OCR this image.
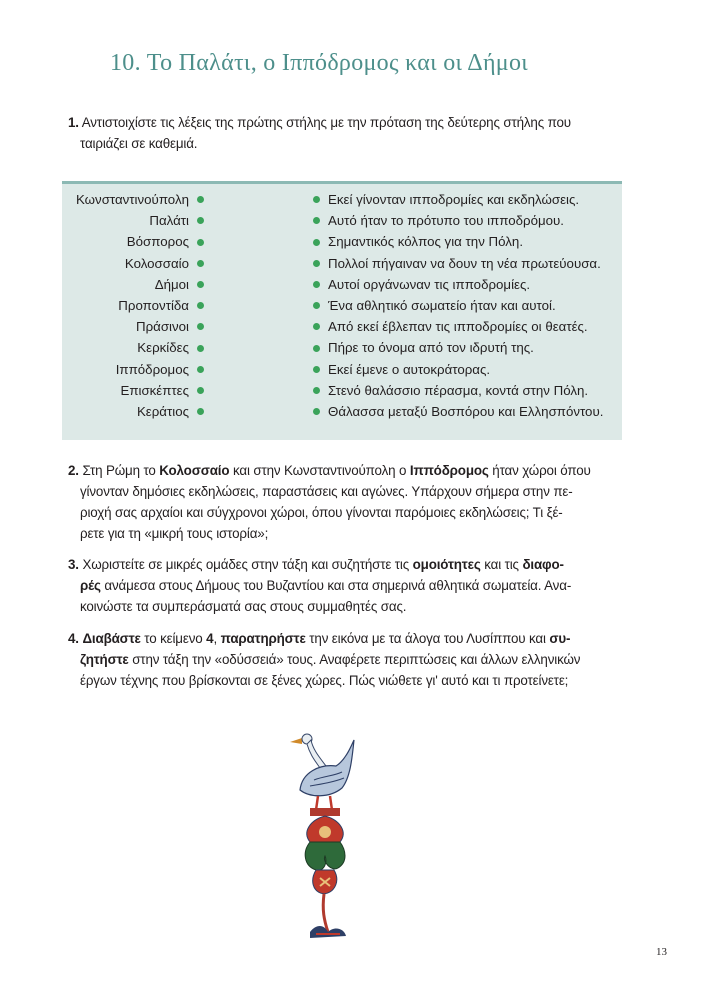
10. Το Παλάτι, ο Ιππόδρομος και οι Δήμοι
1. Αντιστοιχίστε τις λέξεις της πρώτης στήλης με την πρόταση της δεύτερης στήλης που
ταιριάζει σε καθεμιά.
Κωνσταντινούπολη
Παλάτι
Βόσπορος
Κολοσσαίο
Δήμοι
Προποντίδα
Πράσινοι
Κερκίδες
Ιππόδρομος
Επισκέπτες
Κεράτιος
Εκεί γίνονταν ιπποδρομίες και εκδηλώσεις.
Αυτό ήταν το πρότυπο του ιπποδρόμου.
Σημαντικός κόλπος για την Πόλη.
Πολλοί πήγαιναν να δουν τη νέα πρωτεύουσα.
Αυτοί οργάνωναν τις ιπποδρομίες.
Ένα αθλητικό σωματείο ήταν και αυτοί.
Από εκεί έβλεπαν τις ιπποδρομίες οι θεατές.
Πήρε το όνομα από τον ιδρυτή της.
Εκεί έμενε ο αυτοκράτορας.
Στενό θαλάσσιο πέρασμα, κοντά στην Πόλη.
Θάλασσα μεταξύ Βοσπόρου και Ελλησπόντου.
2. Στη Ρώμη το Κολοσσαίο και στην Κωνσταντινούπολη ο Ιππόδρομος ήταν χώροι όπου
γίνονταν δημόσιες εκδηλώσεις, παραστάσεις και αγώνες. Υπάρχουν σήμερα στην πε-
ριοχή σας αρχαίοι και σύγχρονοι χώροι, όπου γίνονται παρόμοιες εκδηλώσεις; Τι ξέ-
ρετε για τη «μικρή τους ιστορία»;
3. Χωριστείτε σε μικρές ομάδες στην τάξη και συζητήστε τις ομοιότητες και τις διαφο-
ρές ανάμεσα στους Δήμους του Βυζαντίου και στα σημερινά αθλητικά σωματεία. Ανα-
κοινώστε τα συμπεράσματά σας στους συμμαθητές σας.
4. Διαβάστε το κείμενο 4, παρατηρήστε την εικόνα με τα άλογα του Λυσίππου και συ-
ζητήστε στην τάξη την «οδύσσειά» τους. Αναφέρετε περιπτώσεις και άλλων ελληνικών
έργων τέχνης που βρίσκονται σε ξένες χώρες. Πώς νιώθετε γι' αυτό και τι προτείνετε;
13
